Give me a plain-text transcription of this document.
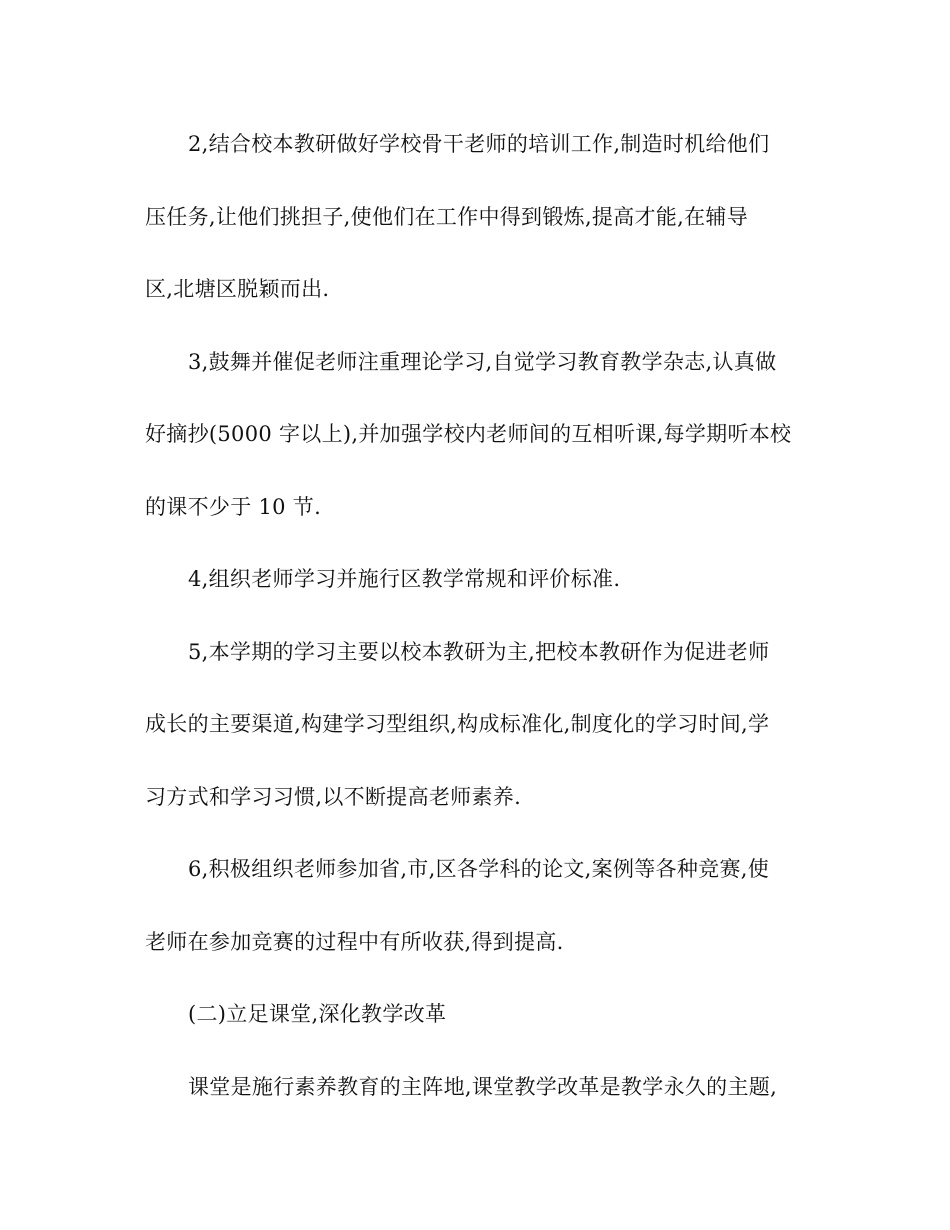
2,结合校本教研做好学校骨干老师的培训工作,制造时机给他们
压任务,让他们挑担子,使他们在工作中得到锻炼,提高才能,在辅导
区,北塘区脱颖而出.
3,鼓舞并催促老师注重理论学习,自觉学习教育教学杂志,认真做
好摘抄(5000 字以上),并加强学校内老师间的互相听课,每学期听本校
的课不少于 10 节.
4,组织老师学习并施行区教学常规和评价标准.
5,本学期的学习主要以校本教研为主,把校本教研作为促进老师
成长的主要渠道,构建学习型组织,构成标准化,制度化的学习时间,学
习方式和学习习惯,以不断提高老师素养.
6,积极组织老师参加省,市,区各学科的论文,案例等各种竞赛,使
老师在参加竞赛的过程中有所收获,得到提高.
(二)立足课堂,深化教学改革
课堂是施行素养教育的主阵地,课堂教学改革是教学永久的主题,
